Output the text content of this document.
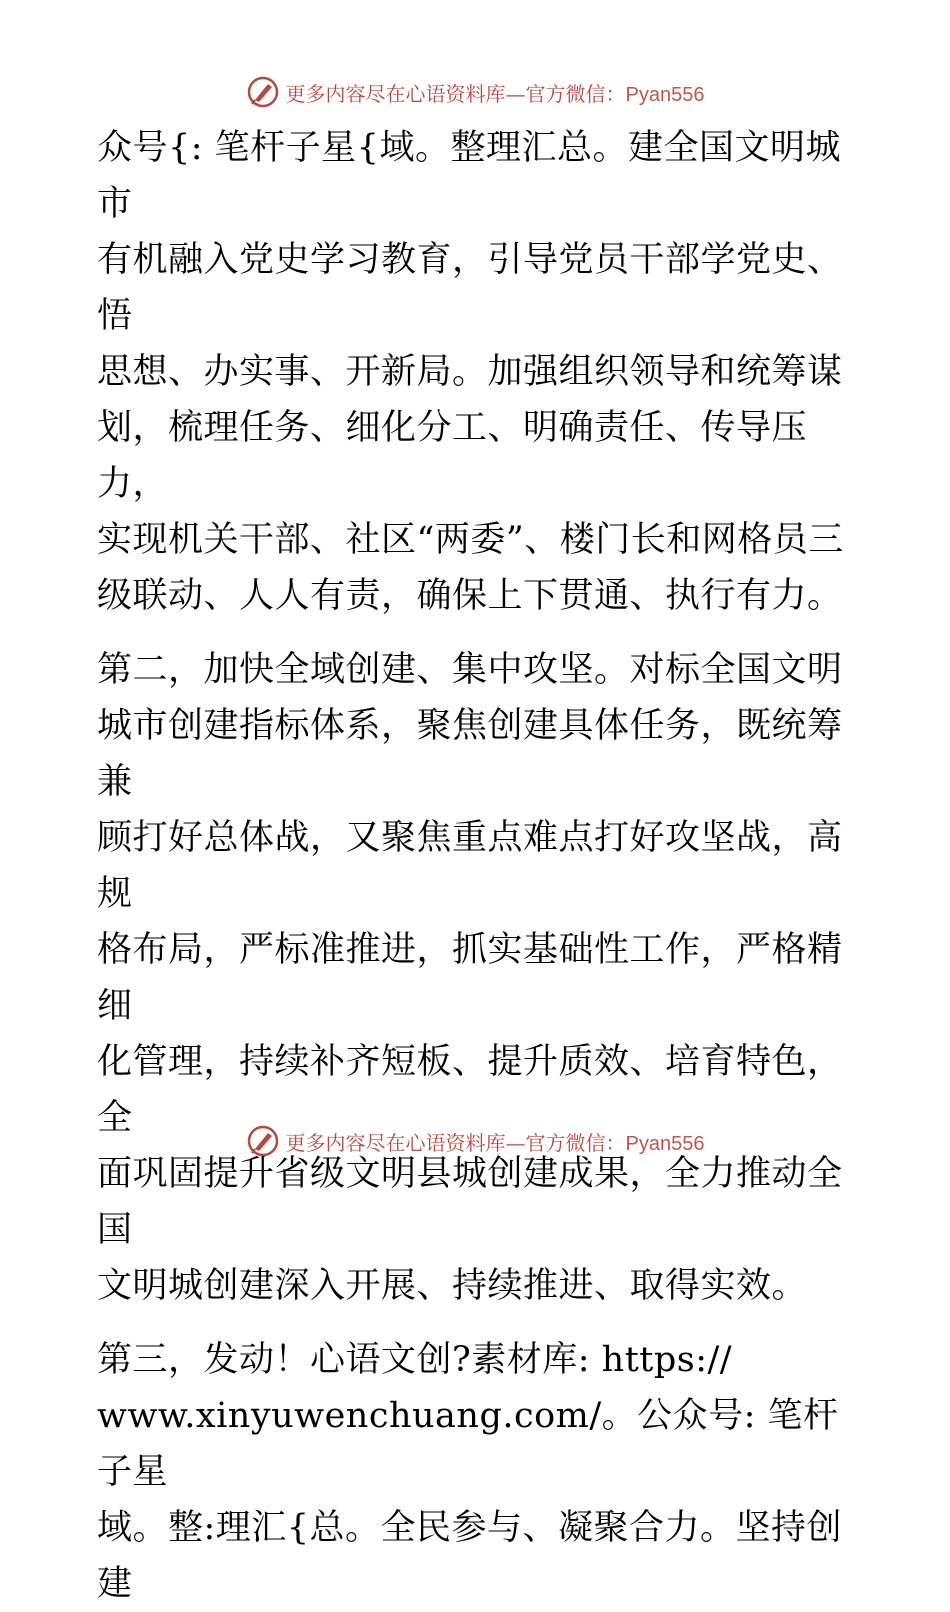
更多内容尽在心语资料库—官方微信：Pyan556

众号{: 笔杆子星{域。整理汇总。建全国文明城市
有机融入党史学习教育，引导党员干部学党史、悟
思想、办实事、开新局。加强组织领导和统筹谋
划，梳理任务、细化分工、明确责任、传导压力，
实现机关干部、社区“两委”、楼门长和网格员三
级联动、人人有责，确保上下贯通、执行有力。

第二，加快全域创建、集中攻坚。对标全国文明
城市创建指标体系，聚焦创建具体任务，既统筹兼
顾打好总体战，又聚焦重点难点打好攻坚战，高规
格布局，严标准推进，抓实基础性工作，严格精细
化管理，持续补齐短板、提升质效、培育特色，全
面巩固提升省级文明县城创建成果，全力推动全国
文明城创建深入开展、持续推进、取得实效。

第三，发动！心语文创?素材库: https://
www.xinyuwenchuang.com/。公众号: 笔杆子星
域。整:理汇{总。全民参与、凝聚合力。坚持创建

更多内容尽在心语资料库—官方微信：Pyan556
